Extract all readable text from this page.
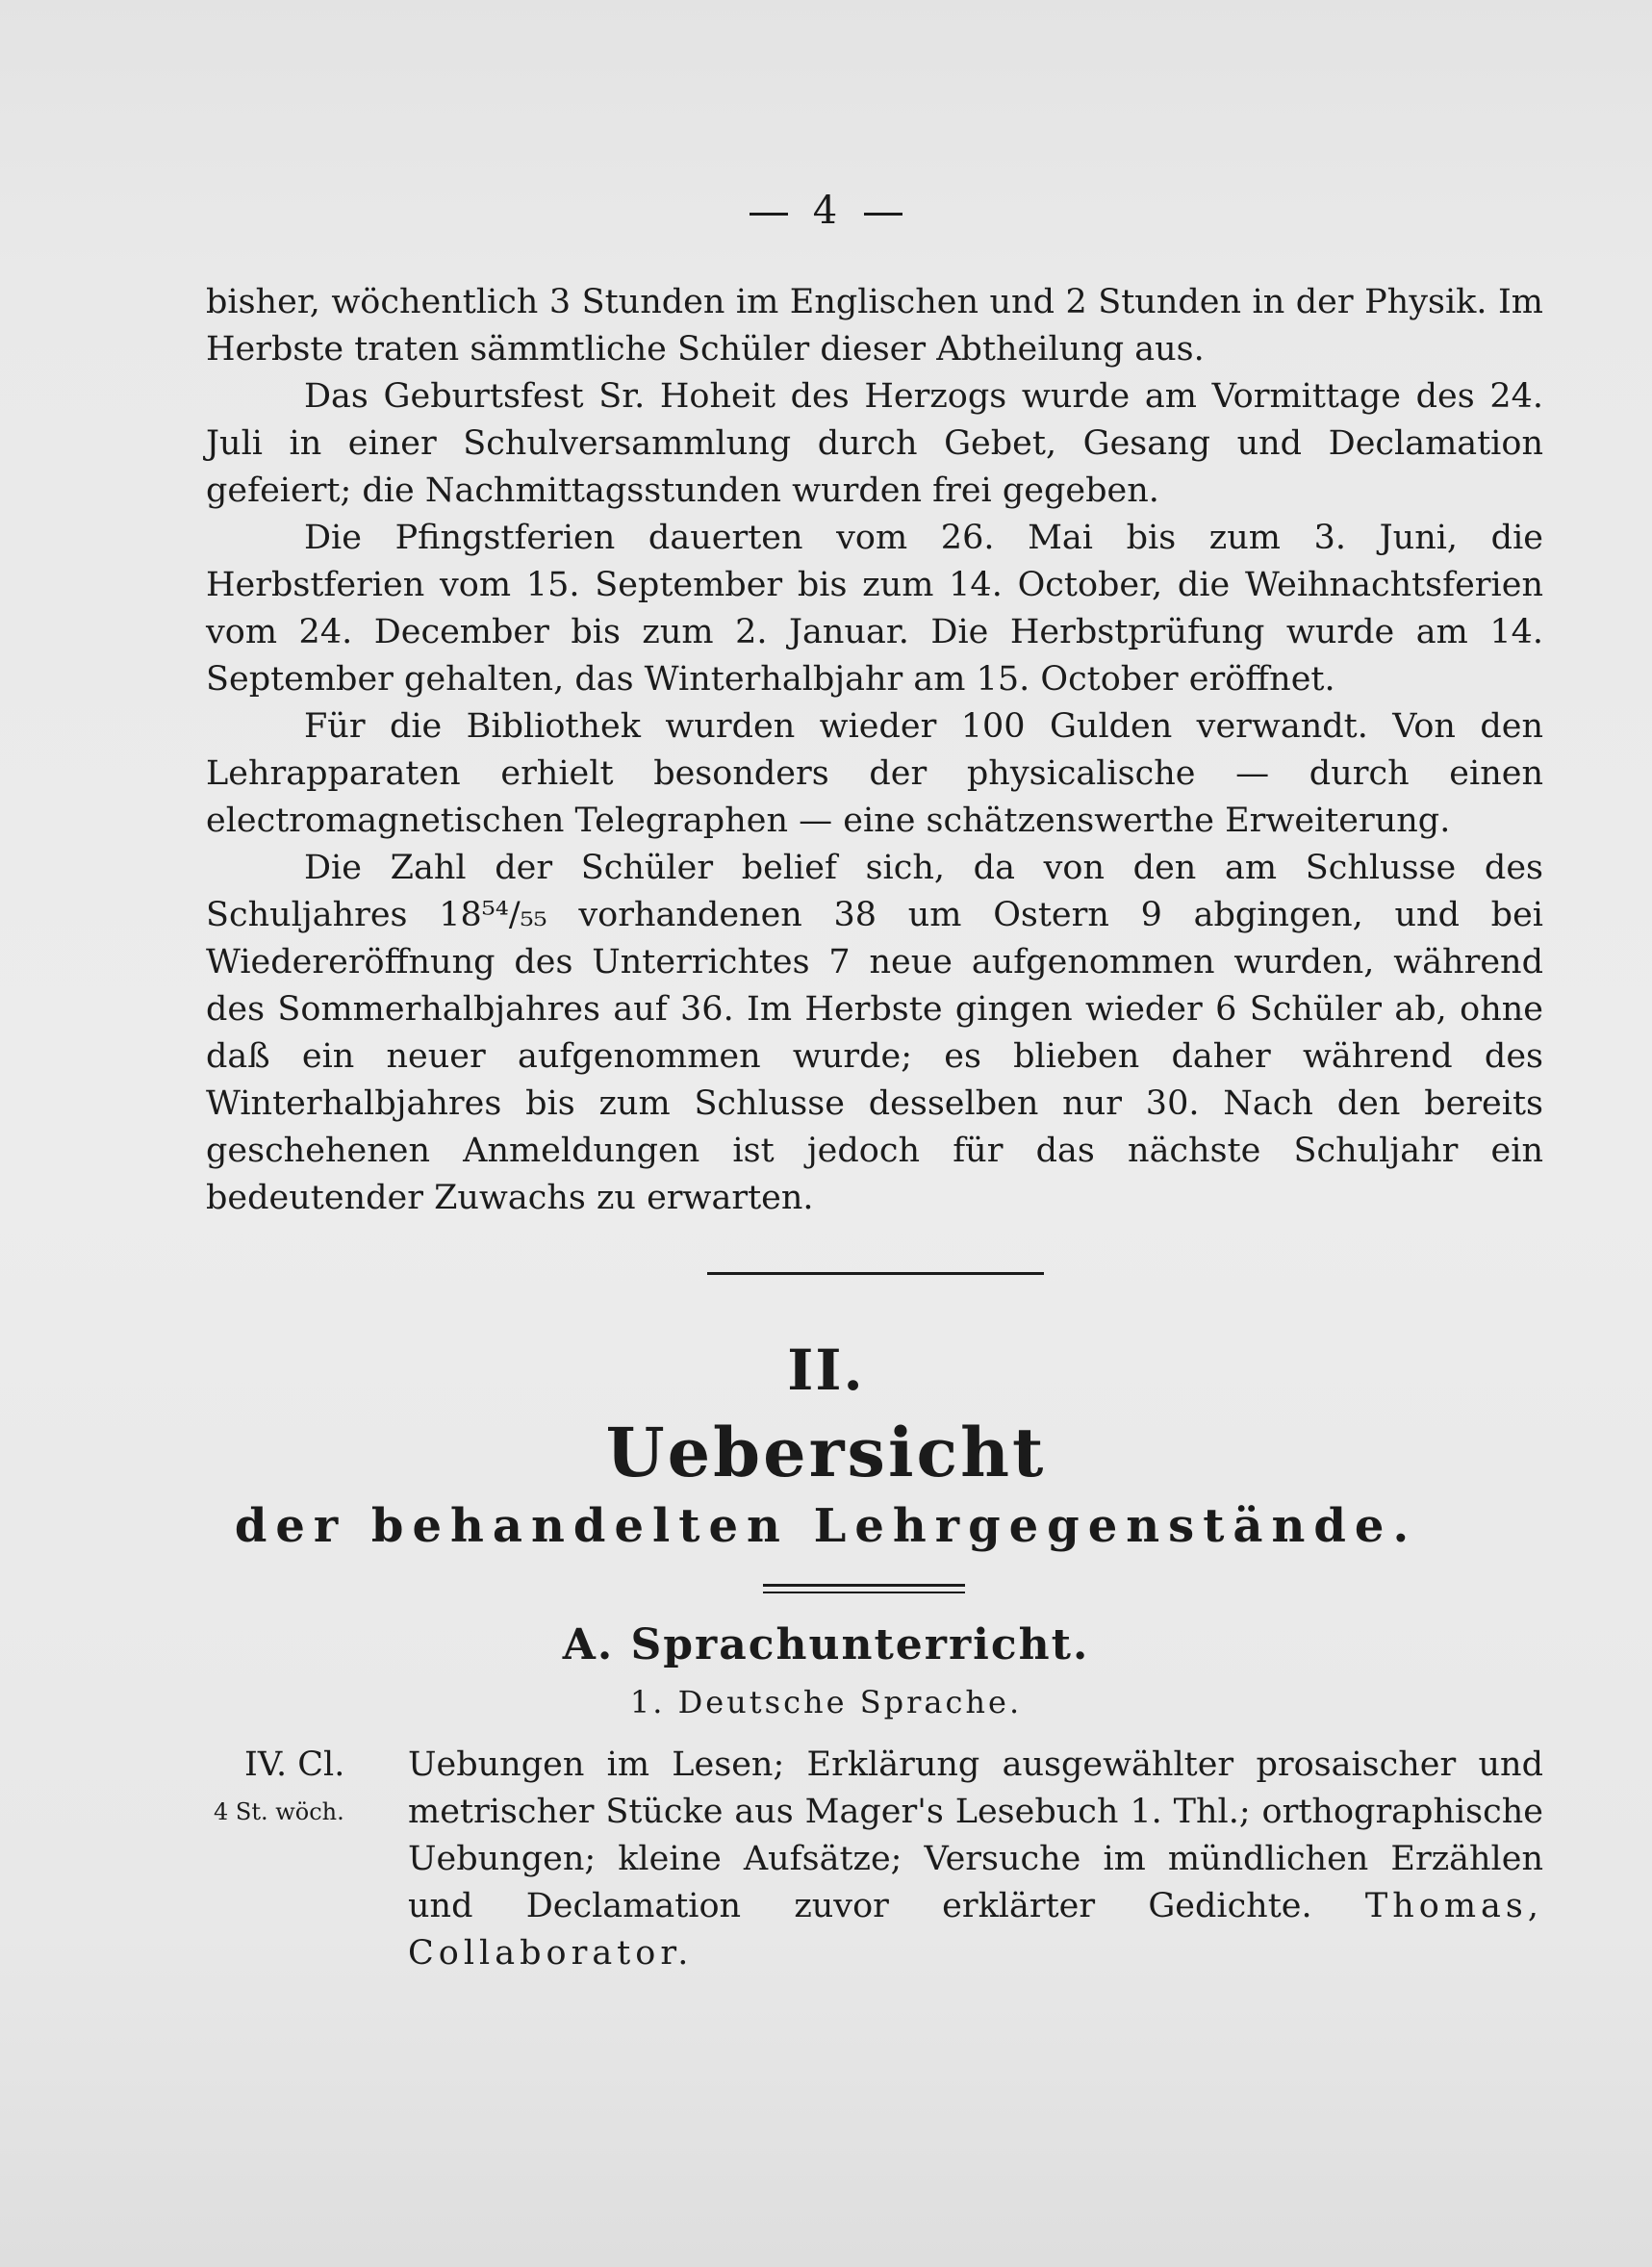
4

bisher, wöchentlich 3 Stunden im Englischen und 2 Stunden in der Physik. Im Herbste traten sämmtliche Schüler dieser Abtheilung aus.

Das Geburtsfest Sr. Hoheit des Herzogs wurde am Vormittage des 24. Juli in einer Schulversammlung durch Gebet, Gesang und Declamation gefeiert; die Nachmittagsstunden wurden frei gegeben.

Die Pfingstferien dauerten vom 26. Mai bis zum 3. Juni, die Herbstferien vom 15. September bis zum 14. October, die Weihnachtsferien vom 24. December bis zum 2. Januar. Die Herbstprüfung wurde am 14. September gehalten, das Winterhalbjahr am 15. October eröffnet.

Für die Bibliothek wurden wieder 100 Gulden verwandt. Von den Lehrapparaten erhielt besonders der physicalische — durch einen electromagnetischen Telegraphen — eine schätzenswerthe Erweiterung.

Die Zahl der Schüler belief sich, da von den am Schlusse des Schuljahres 18⁵⁴/₅₅ vorhandenen 38 um Ostern 9 abgingen, und bei Wiedereröffnung des Unterrichtes 7 neue aufgenommen wurden, während des Sommerhalbjahres auf 36. Im Herbste gingen wieder 6 Schüler ab, ohne daß ein neuer aufgenommen wurde; es blieben daher während des Winterhalbjahres bis zum Schlusse desselben nur 30. Nach den bereits geschehenen Anmeldungen ist jedoch für das nächste Schuljahr ein bedeutender Zuwachs zu erwarten.

II.
Uebersicht
der behandelten Lehrgegenstände.
A. Sprachunterricht.
1. Deutsche Sprache.
IV. Cl.
4 St. wöch.
Uebungen im Lesen; Erklärung ausgewählter prosaischer und metrischer Stücke aus Mager's Lesebuch 1. Thl.; orthographische Uebungen; kleine Aufsätze; Versuche im mündlichen Erzählen und Declamation zuvor erklärter Gedichte. Thomas, Collaborator.
